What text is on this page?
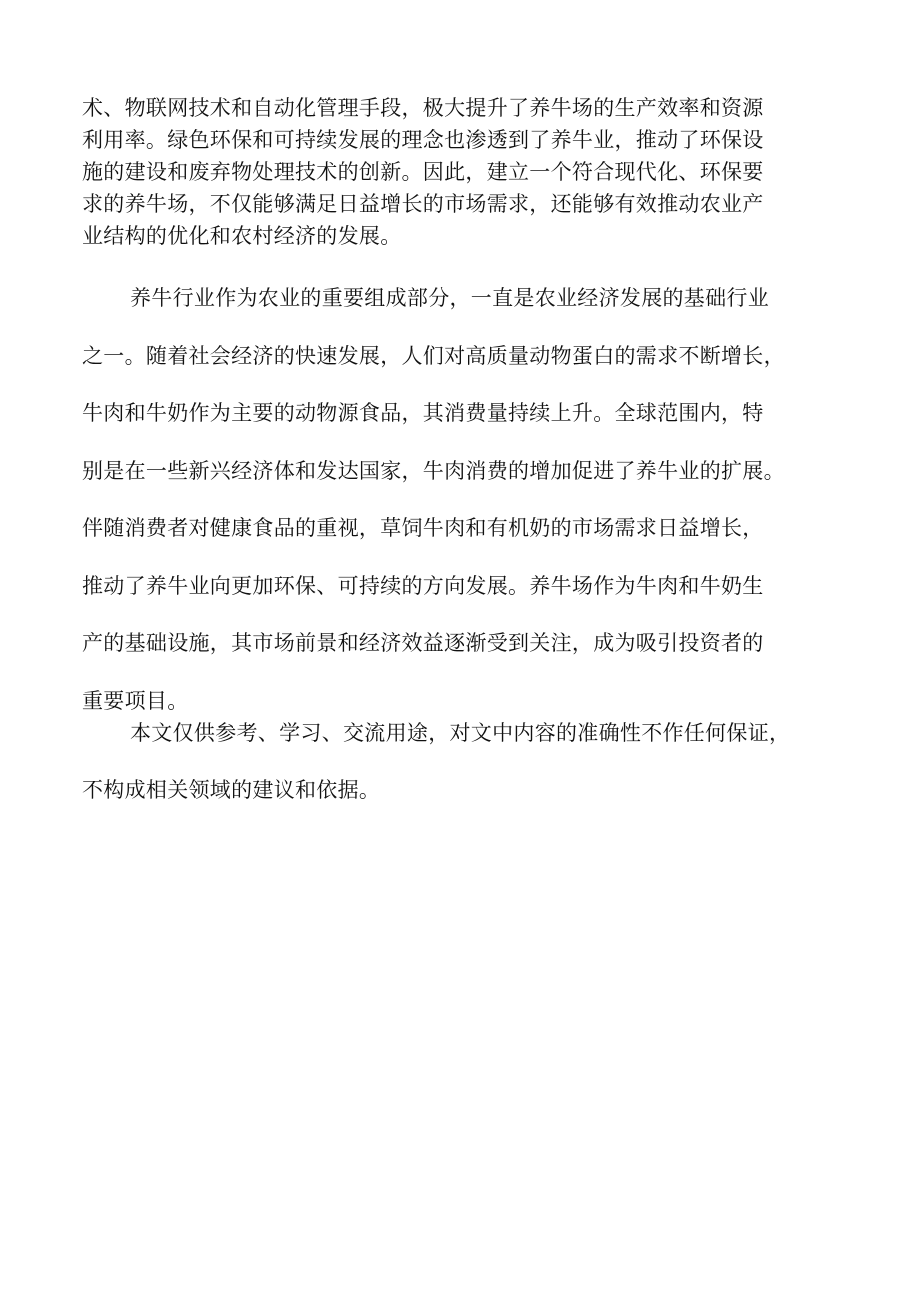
术、物联网技术和自动化管理手段，极大提升了养牛场的生产效率和资源
利用率。绿色环保和可持续发展的理念也渗透到了养牛业，推动了环保设
施的建设和废弃物处理技术的创新。因此，建立一个符合现代化、环保要
求的养牛场，不仅能够满足日益增长的市场需求，还能够有效推动农业产
业结构的优化和农村经济的发展。
养牛行业作为农业的重要组成部分，一直是农业经济发展的基础行业
之一。随着社会经济的快速发展，人们对高质量动物蛋白的需求不断增长，
牛肉和牛奶作为主要的动物源食品，其消费量持续上升。全球范围内，特
别是在一些新兴经济体和发达国家，牛肉消费的增加促进了养牛业的扩展。
伴随消费者对健康食品的重视，草饲牛肉和有机奶的市场需求日益增长，
推动了养牛业向更加环保、可持续的方向发展。养牛场作为牛肉和牛奶生
产的基础设施，其市场前景和经济效益逐渐受到关注，成为吸引投资者的
重要项目。
本文仅供参考、学习、交流用途，对文中内容的准确性不作任何保证，
不构成相关领域的建议和依据。
